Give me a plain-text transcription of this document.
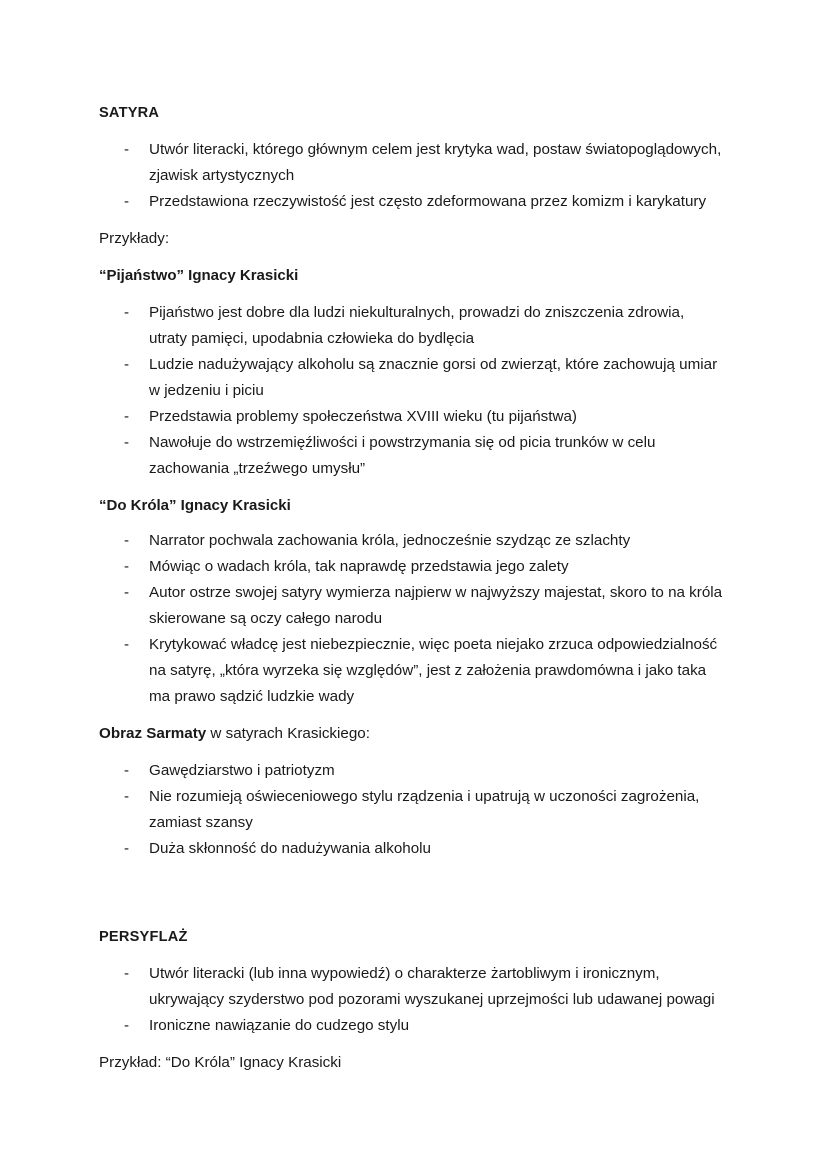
SATYRA
- Utwór literacki, którego głównym celem jest krytyka wad, postaw światopoglądowych, zjawisk artystycznych
- Przedstawiona rzeczywistość jest często zdeformowana przez komizm i karykatury

Przykłady:

“Pijaństwo” Ignacy Krasicki
- Pijaństwo jest dobre dla ludzi niekulturalnych, prowadzi do zniszczenia zdrowia, utraty pamięci, upodabnia człowieka do bydlęcia
- Ludzie nadużywający alkoholu są znacznie gorsi od zwierząt, które zachowują umiar w jedzeniu i piciu
- Przedstawia problemy społeczeństwa XVIII wieku (tu pijaństwa)
- Nawołuje do wstrzemięźliwości i powstrzymania się od picia trunków w celu zachowania „trzeźwego umysłu”
“Do Króla” Ignacy Krasicki
- Narrator pochwala zachowania króla, jednocześnie szydząc ze szlachty
- Mówiąc o wadach króla, tak naprawdę przedstawia jego zalety
- Autor ostrze swojej satyry wymierza najpierw w najwyższy majestat, skoro to na króla skierowane są oczy całego narodu
- Krytykować władcę jest niebezpiecznie, więc poeta niejako zrzuca odpowiedzialność na satyrę, „która wyrzeka się względów”, jest z założenia prawdomówna i jako taka ma prawo sądzić ludzkie wady

Obraz Sarmaty w satyrach Krasickiego:

- Gawędziarstwo i patriotyzm
- Nie rozumieją oświeceniowego stylu rządzenia i upatrują w uczoności zagrożenia, zamiast szansy
- Duża skłonność do nadużywania alkoholu
PERSYFLAŻ
- Utwór literacki (lub inna wypowiedź) o charakterze żartobliwym i ironicznym, ukrywający szyderstwo pod pozorami wyszukanej uprzejmości lub udawanej powagi
- Ironiczne nawiązanie do cudzego stylu

Przykład: “Do Króla” Ignacy Krasicki
